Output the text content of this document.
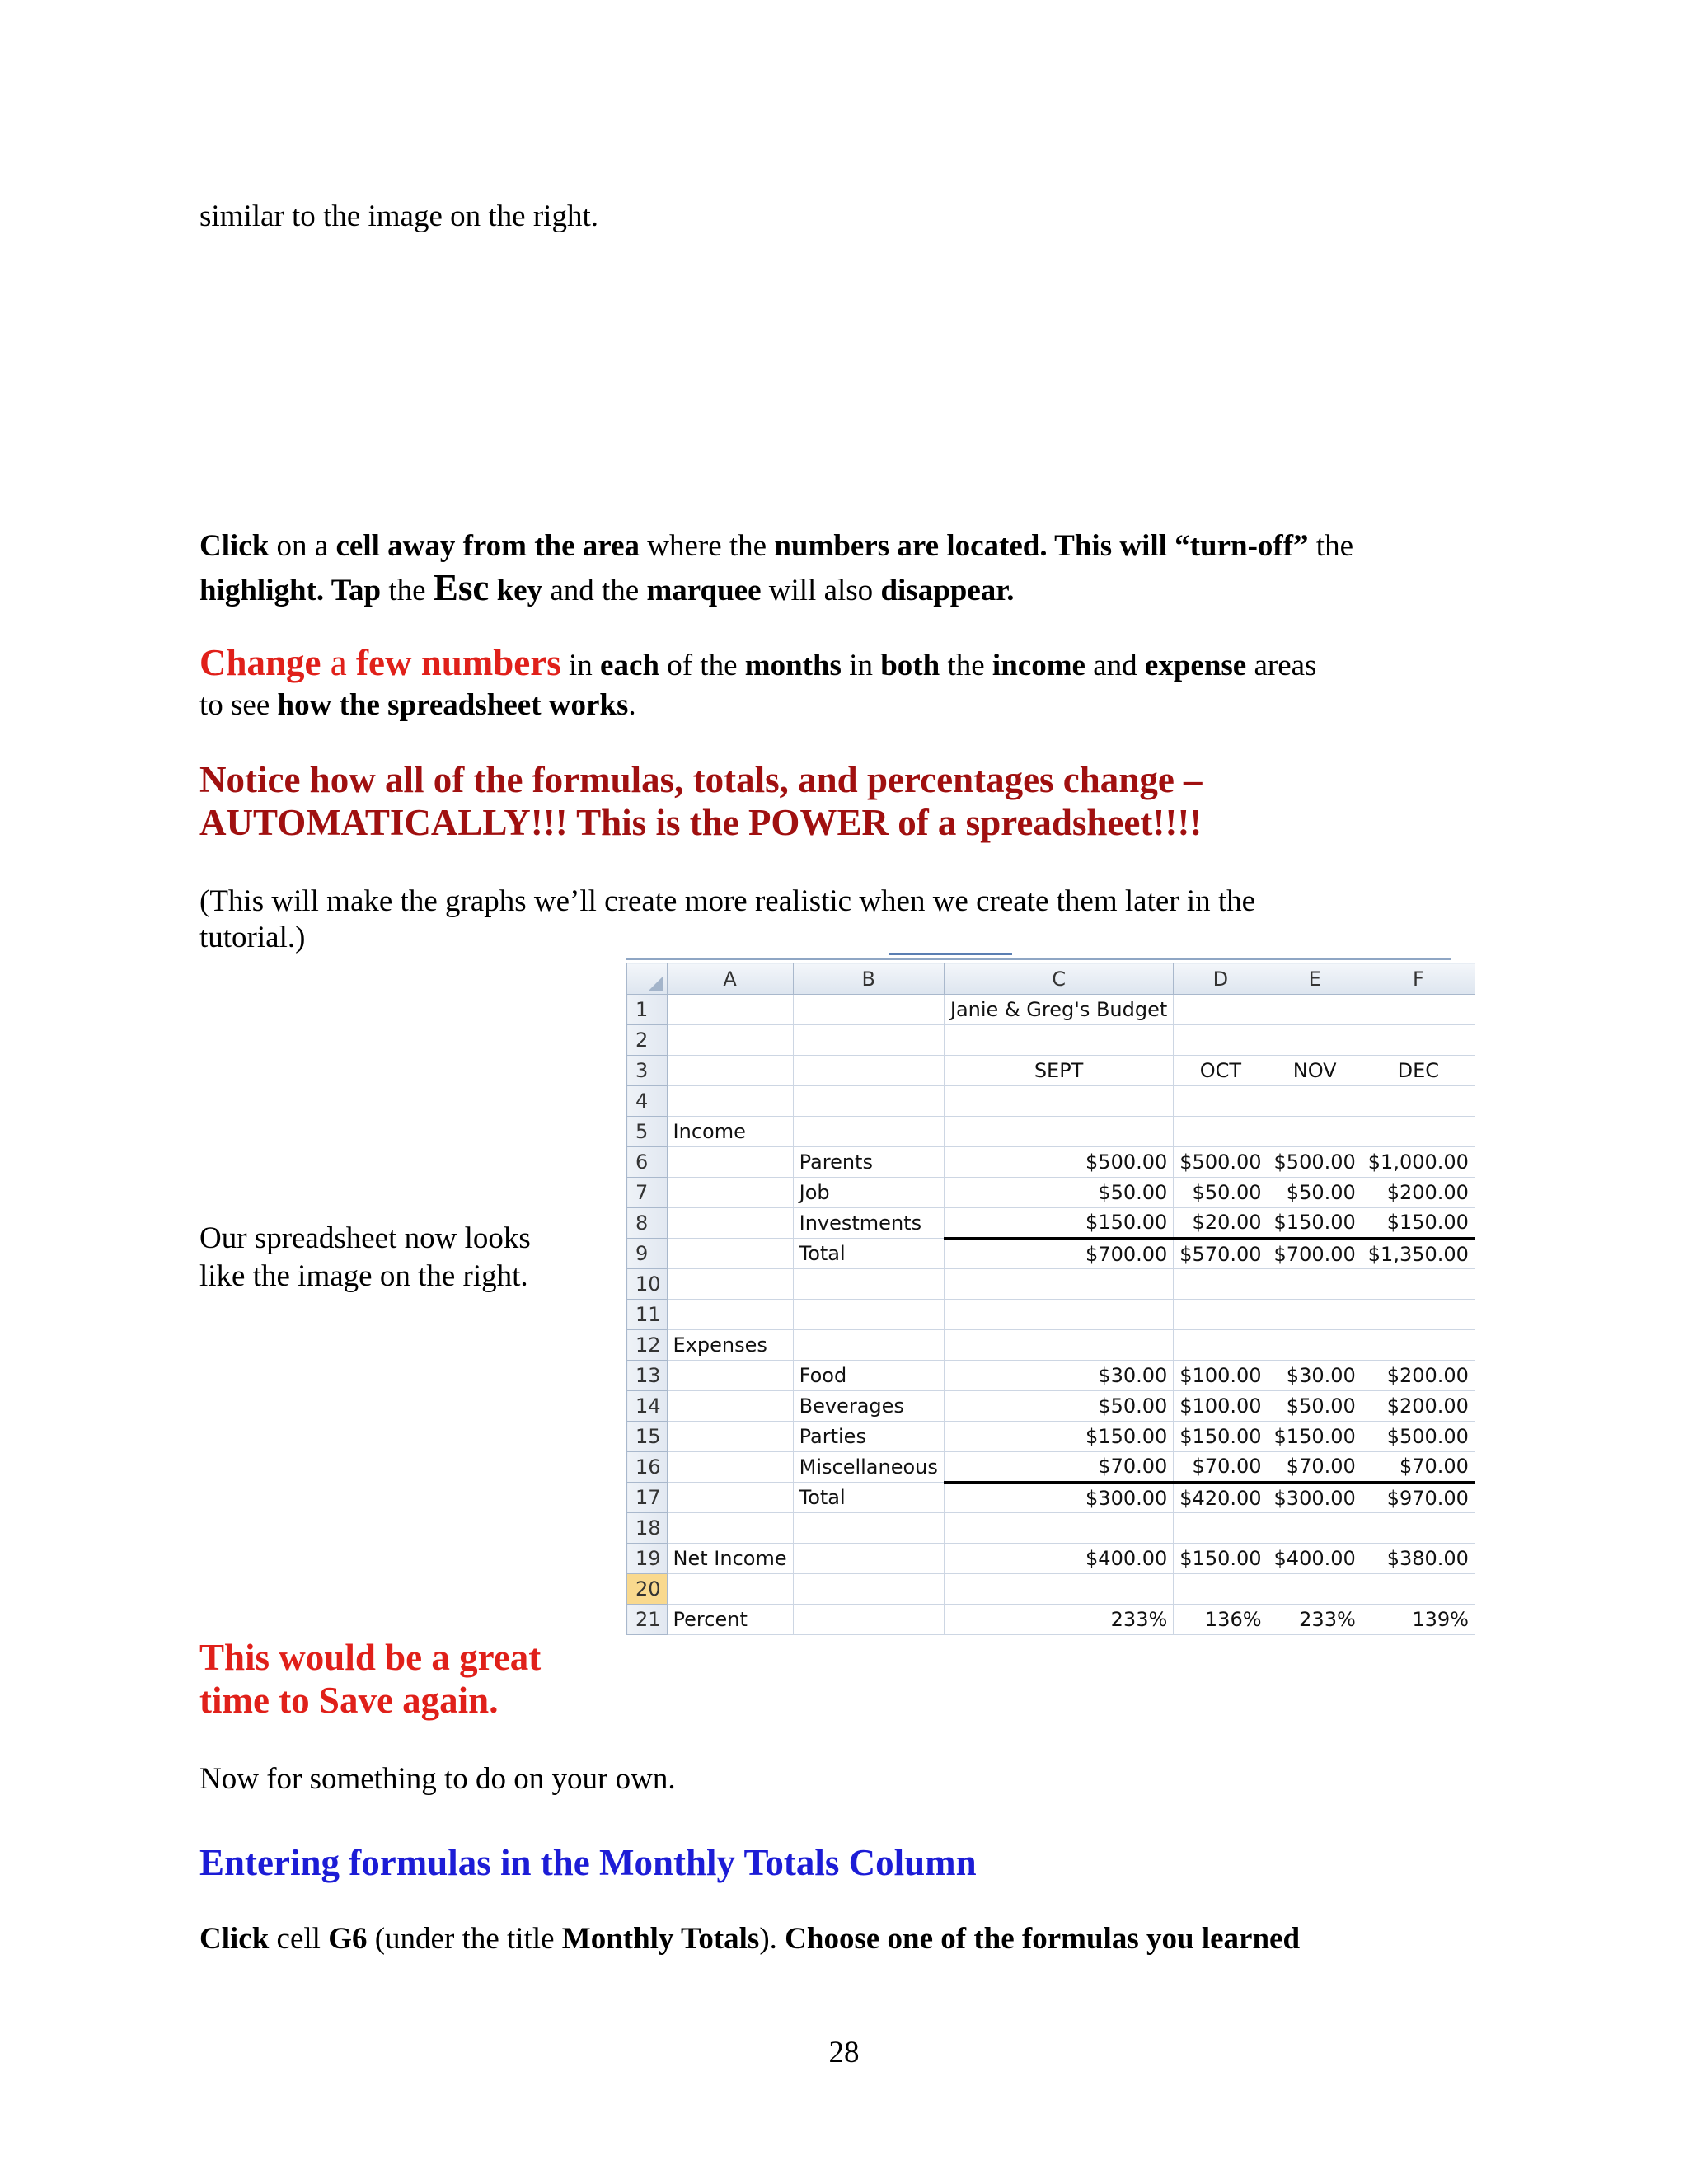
similar to the image on the right.

Click on a cell away from the area where the numbers are located. This will “turn-off” the
highlight. Tap the Esc key and the marquee will also disappear.

Change a few numbers in each of the months in both the income and expense areas
to see how the spreadsheet works.

Notice how all of the formulas, totals, and percentages change –
AUTOMATICALLY!!! This is the POWER of a spreadsheet!!!!

(This will make the graphs we’ll create more realistic when we create them later in the
tutorial.)

Our spreadsheet now looks
like the image on the right.

This would be a great
time to Save again.

Now for something to do on your own.

Entering formulas in the Monthly Totals Column

Click cell G6 (under the title Monthly Totals). Choose one of the formulas you learned

28

	A	B	C	D	E	F
1			Janie & Greg's Budget			
2						
3			SEPT	OCT	NOV	DEC
4						
5	Income					
6		Parents	$500.00	$500.00	$500.00	$1,000.00
7		Job	$50.00	$50.00	$50.00	$200.00
8		Investments	$150.00	$20.00	$150.00	$150.00
9		Total	$700.00	$570.00	$700.00	$1,350.00
10						
11						
12	Expenses					
13		Food	$30.00	$100.00	$30.00	$200.00
14		Beverages	$50.00	$100.00	$50.00	$200.00
15		Parties	$150.00	$150.00	$150.00	$500.00
16		Miscellaneous	$70.00	$70.00	$70.00	$70.00
17		Total	$300.00	$420.00	$300.00	$970.00
18						
19	Net Income		$400.00	$150.00	$400.00	$380.00
20						
21	Percent		233%	136%	233%	139%
